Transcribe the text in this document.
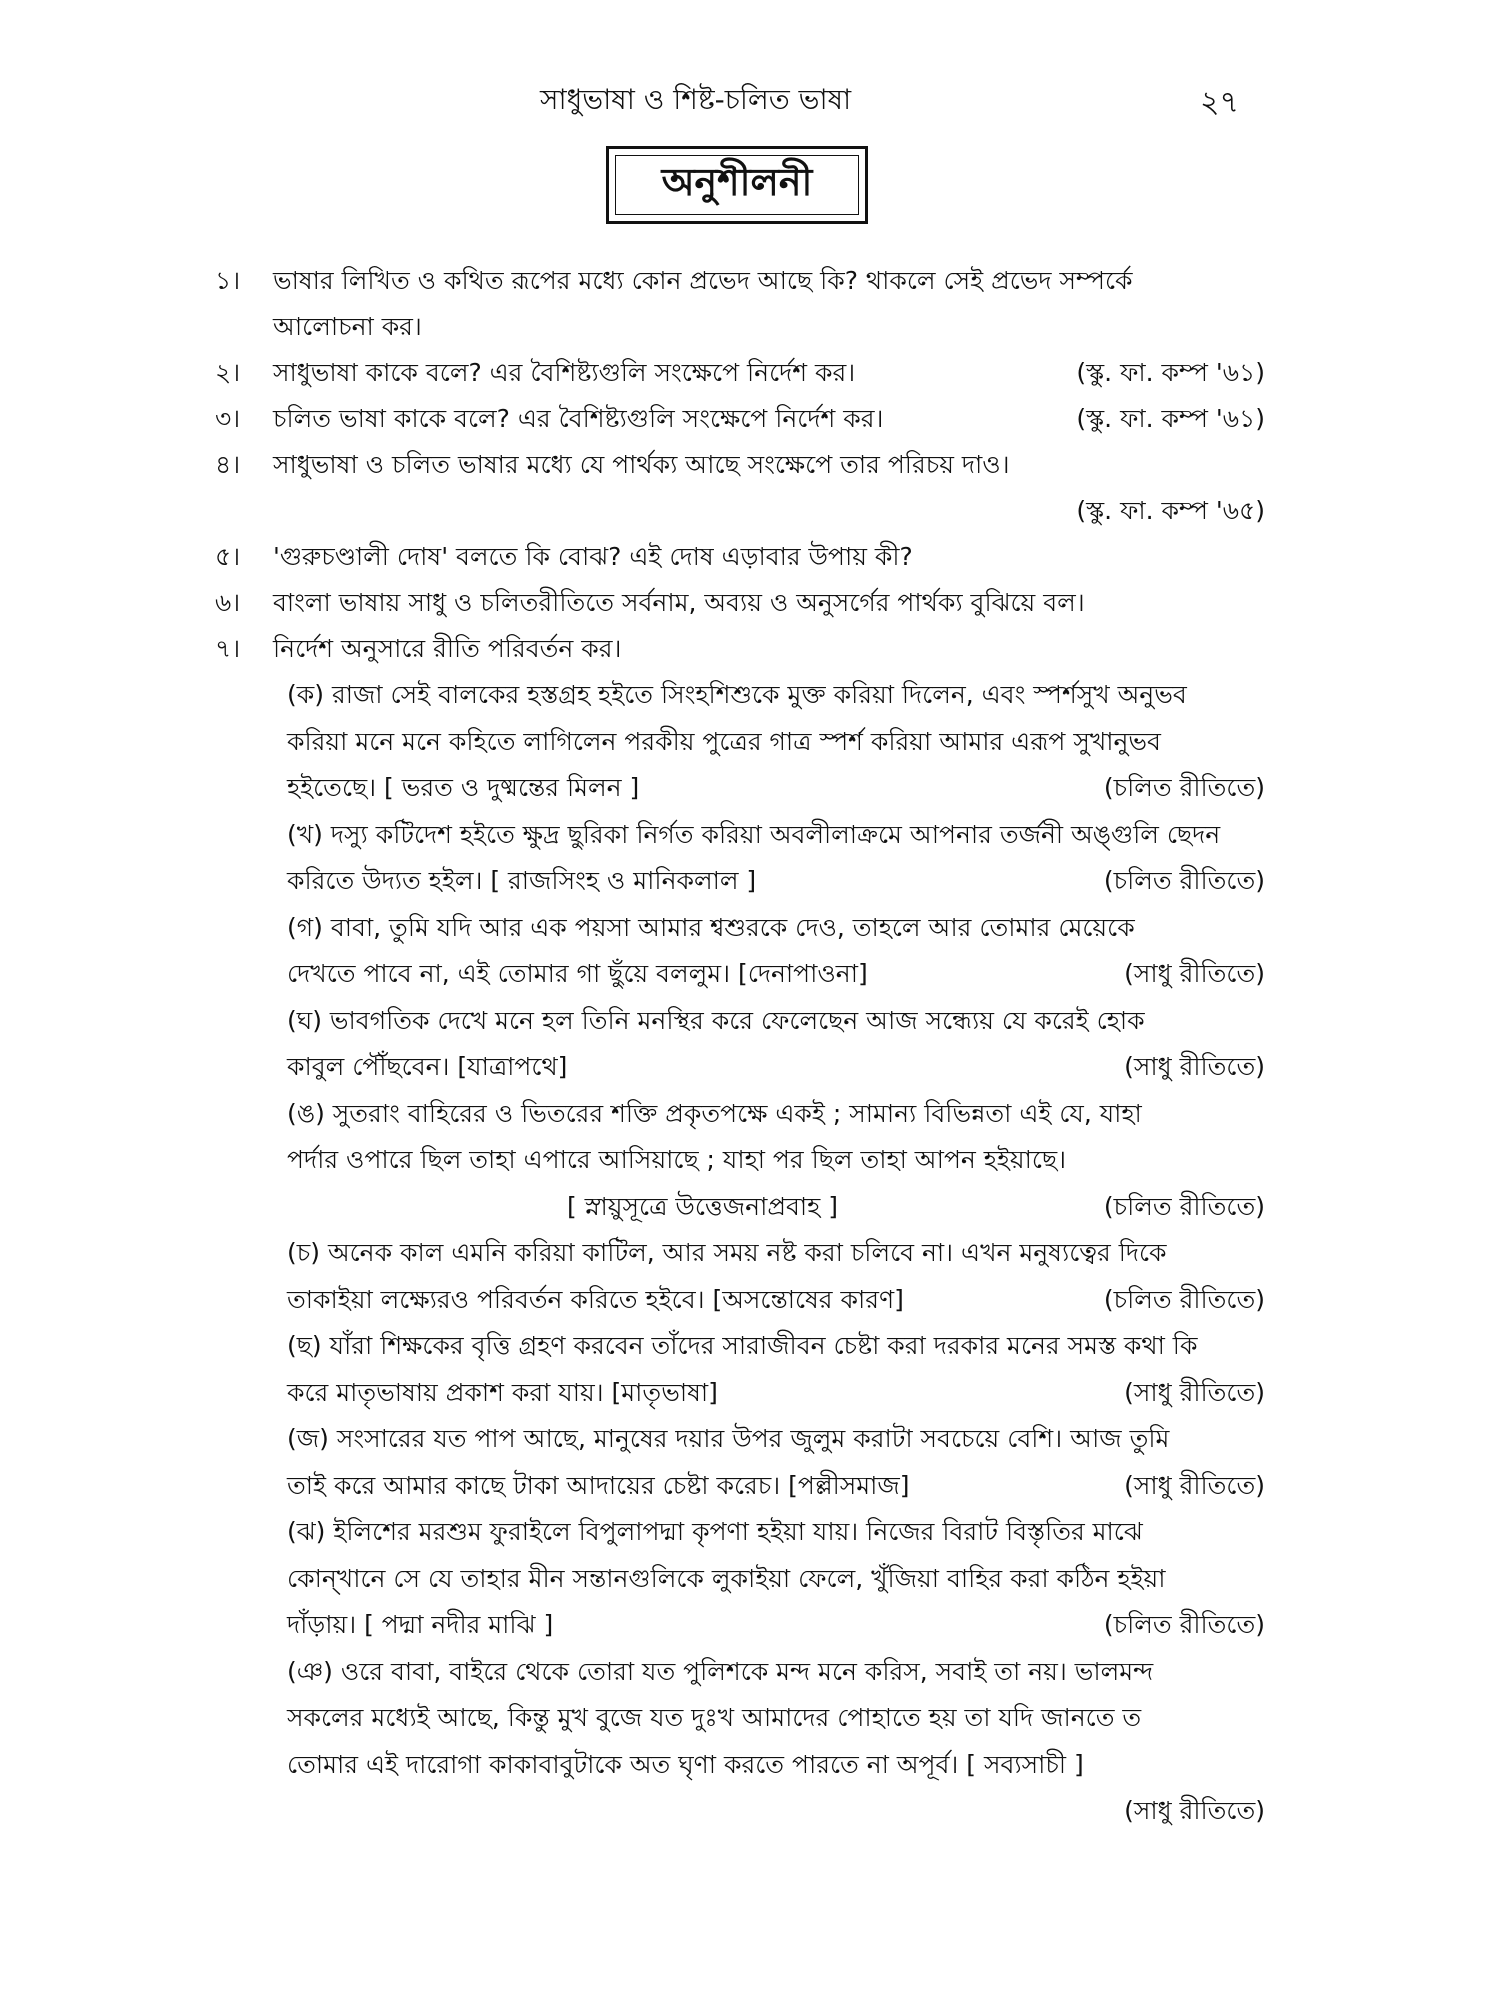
সাধুভাষা ও শিষ্ট-চলিত ভাষা	২৭
অনুশীলনী
১।	ভাষার লিখিত ও কথিত রূপের মধ্যে কোন প্রভেদ আছে কি? থাকলে সেই প্রভেদ সম্পর্কে
আলোচনা কর।
২।	সাধুভাষা কাকে বলে? এর বৈশিষ্ট্যগুলি সংক্ষেপে নির্দেশ কর।	(স্কু. ফা. কম্প '৬১)
৩।	চলিত ভাষা কাকে বলে? এর বৈশিষ্ট্যগুলি সংক্ষেপে নির্দেশ কর।	(স্কু. ফা. কম্প '৬১)
৪।	সাধুভাষা ও চলিত ভাষার মধ্যে যে পার্থক্য আছে সংক্ষেপে তার পরিচয় দাও।
(স্কু. ফা. কম্প '৬৫)
৫।	'গুরুচণ্ডালী দোষ' বলতে কি বোঝ? এই দোষ এড়াবার উপায় কী?
৬।	বাংলা ভাষায় সাধু ও চলিতরীতিতে সর্বনাম, অব্যয় ও অনুসর্গের পার্থক্য বুঝিয়ে বল।
৭।	নির্দেশ অনুসারে রীতি পরিবর্তন কর।
(ক) রাজা সেই বালকের হস্তগ্রহ হইতে সিংহশিশুকে মুক্ত করিয়া দিলেন, এবং স্পর্শসুখ অনুভব
করিয়া মনে মনে কহিতে লাগিলেন পরকীয় পুত্রের গাত্র স্পর্শ করিয়া আমার এরূপ সুখানুভব
হইতেছে। [ ভরত ও দুষ্মন্তের মিলন ]	(চলিত রীতিতে)
(খ) দস্যু কটিদেশ হইতে ক্ষুদ্র ছুরিকা নির্গত করিয়া অবলীলাক্রমে আপনার তর্জনী অঙ্গুলি ছেদন
করিতে উদ্যত হইল। [ রাজসিংহ ও মানিকলাল ]	(চলিত রীতিতে)
(গ) বাবা, তুমি যদি আর এক পয়সা আমার শ্বশুরকে দেও, তাহলে আর তোমার মেয়েকে
দেখতে পাবে না, এই তোমার গা ছুঁয়ে বললুম। [দেনাপাওনা]	(সাধু রীতিতে)
(ঘ) ভাবগতিক দেখে মনে হল তিনি মনস্থির করে ফেলেছেন আজ সন্ধ্যেয় যে করেই হোক
কাবুল পৌঁছবেন। [যাত্রাপথে]	(সাধু রীতিতে)
(ঙ) সুতরাং বাহিরের ও ভিতরের শক্তি প্রকৃতপক্ষে একই ; সামান্য বিভিন্নতা এই যে, যাহা
পর্দার ওপারে ছিল তাহা এপারে আসিয়াছে ; যাহা পর ছিল তাহা আপন হইয়াছে।
[ স্নায়ুসূত্রে উত্তেজনাপ্রবাহ ]	(চলিত রীতিতে)
(চ) অনেক কাল এমনি করিয়া কাটিল, আর সময় নষ্ট করা চলিবে না। এখন মনুষ্যত্বের দিকে
তাকাইয়া লক্ষ্যেরও পরিবর্তন করিতে হইবে। [অসন্তোষের কারণ]	(চলিত রীতিতে)
(ছ) যাঁরা শিক্ষকের বৃত্তি গ্রহণ করবেন তাঁদের সারাজীবন চেষ্টা করা দরকার মনের সমস্ত কথা কি
করে মাতৃভাষায় প্রকাশ করা যায়। [মাতৃভাষা]	(সাধু রীতিতে)
(জ) সংসারের যত পাপ আছে, মানুষের দয়ার উপর জুলুম করাটা সবচেয়ে বেশি। আজ তুমি
তাই করে আমার কাছে টাকা আদায়ের চেষ্টা করেচ। [পল্লীসমাজ]	(সাধু রীতিতে)
(ঝ) ইলিশের মরশুম ফুরাইলে বিপুলাপদ্মা কৃপণা হইয়া যায়। নিজের বিরাট বিস্তৃতির মাঝে
কোন্‌খানে সে যে তাহার মীন সন্তানগুলিকে লুকাইয়া ফেলে, খুঁজিয়া বাহির করা কঠিন হইয়া
দাঁড়ায়। [ পদ্মা নদীর মাঝি ]	(চলিত রীতিতে)
(ঞ) ওরে বাবা, বাইরে থেকে তোরা যত পুলিশকে মন্দ মনে করিস, সবাই তা নয়। ভালমন্দ
সকলের মধ্যেই আছে, কিন্তু মুখ বুজে যত দুঃখ আমাদের পোহাতে হয় তা যদি জানতে ত
তোমার এই দারোগা কাকাবাবুটাকে অত ঘৃণা করতে পারতে না অপূর্ব। [ সব্যসাচী ]
(সাধু রীতিতে)
